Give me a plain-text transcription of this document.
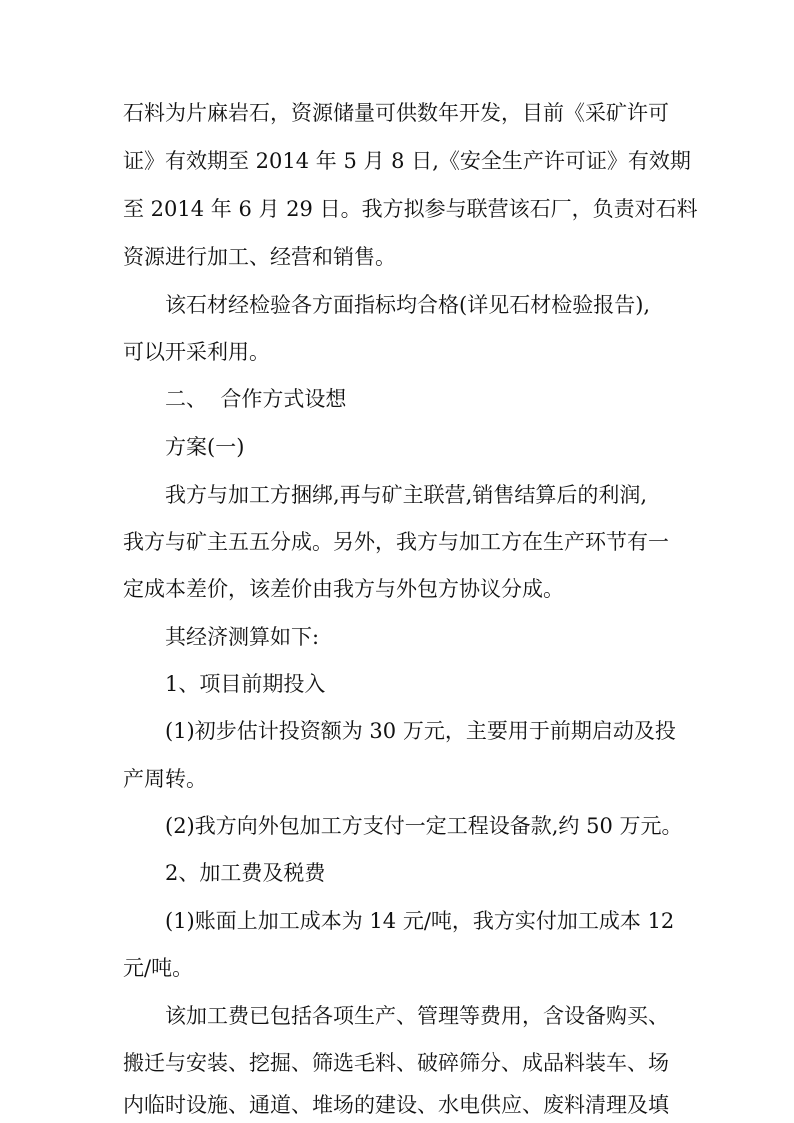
石料为片麻岩石，资源储量可供数年开发，目前《采矿许可
证》有效期至 2014 年 5 月 8 日,《安全生产许可证》有效期
至 2014 年 6 月 29 日。我方拟参与联营该石厂，负责对石料
资源进行加工、经营和销售。
该石材经检验各方面指标均合格(详见石材检验报告),
可以开采利用。
二、  合作方式设想
方案(一)
我方与加工方捆绑,再与矿主联营,销售结算后的利润,
我方与矿主五五分成。另外，我方与加工方在生产环节有一
定成本差价，该差价由我方与外包方协议分成。
其经济测算如下:
1、项目前期投入
(1)初步估计投资额为 30 万元，主要用于前期启动及投
产周转。
(2)我方向外包加工方支付一定工程设备款,约 50 万元。
2、加工费及税费
(1)账面上加工成本为 14 元/吨，我方实付加工成本 12
元/吨。
该加工费已包括各项生产、管理等费用，含设备购买、
搬迁与安装、挖掘、筛选毛料、破碎筛分、成品料装车、场
内临时设施、通道、堆场的建设、水电供应、废料清理及填
